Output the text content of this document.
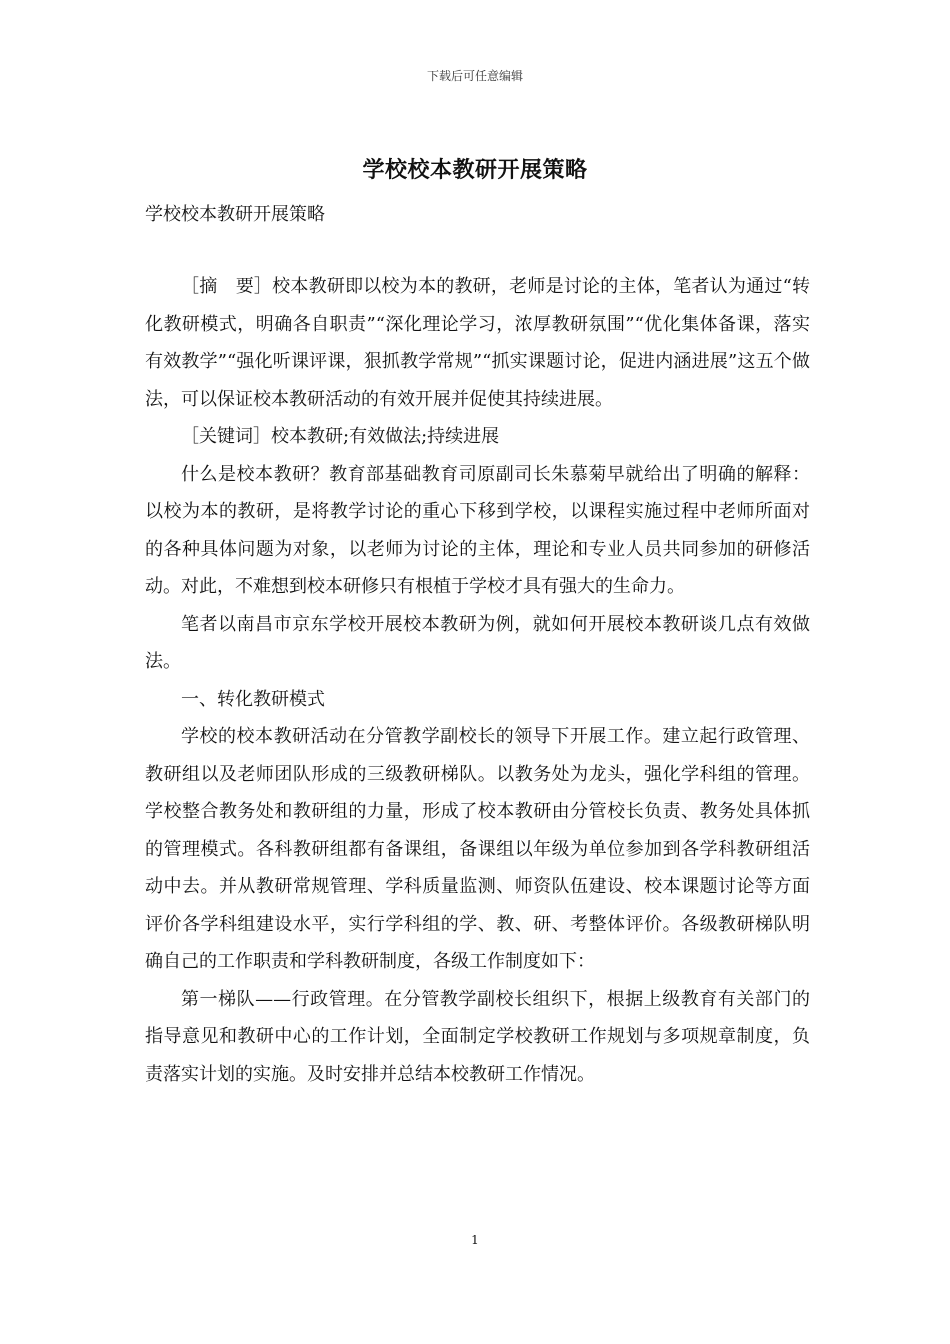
下载后可任意编辑
学校校本教研开展策略

学校校本教研开展策略

［摘　要］校本教研即以校为本的教研，老师是讨论的主体，笔者认为通过“转化教研模式，明确各自职责”“深化理论学习，浓厚教研氛围”“优化集体备课，落实有效教学”“强化听课评课，狠抓教学常规”“抓实课题讨论，促进内涵进展”这五个做法，可以保证校本教研活动的有效开展并促使其持续进展。

［关键词］校本教研;有效做法;持续进展

什么是校本教研？教育部基础教育司原副司长朱慕菊早就给出了明确的解释：以校为本的教研，是将教学讨论的重心下移到学校，以课程实施过程中老师所面对的各种具体问题为对象，以老师为讨论的主体，理论和专业人员共同参加的研修活动。对此，不难想到校本研修只有根植于学校才具有强大的生命力。

笔者以南昌市京东学校开展校本教研为例，就如何开展校本教研谈几点有效做法。

一、转化教研模式

学校的校本教研活动在分管教学副校长的领导下开展工作。建立起行政管理、教研组以及老师团队形成的三级教研梯队。以教务处为龙头，强化学科组的管理。学校整合教务处和教研组的力量，形成了校本教研由分管校长负责、教务处具体抓的管理模式。各科教研组都有备课组，备课组以年级为单位参加到各学科教研组活动中去。并从教研常规管理、学科质量监测、师资队伍建设、校本课题讨论等方面评价各学科组建设水平，实行学科组的学、教、研、考整体评价。各级教研梯队明确自己的工作职责和学科教研制度，各级工作制度如下：

第一梯队——行政管理。在分管教学副校长组织下，根据上级教育有关部门的指导意见和教研中心的工作计划，全面制定学校教研工作规划与多项规章制度，负责落实计划的实施。及时安排并总结本校教研工作情况。

1
